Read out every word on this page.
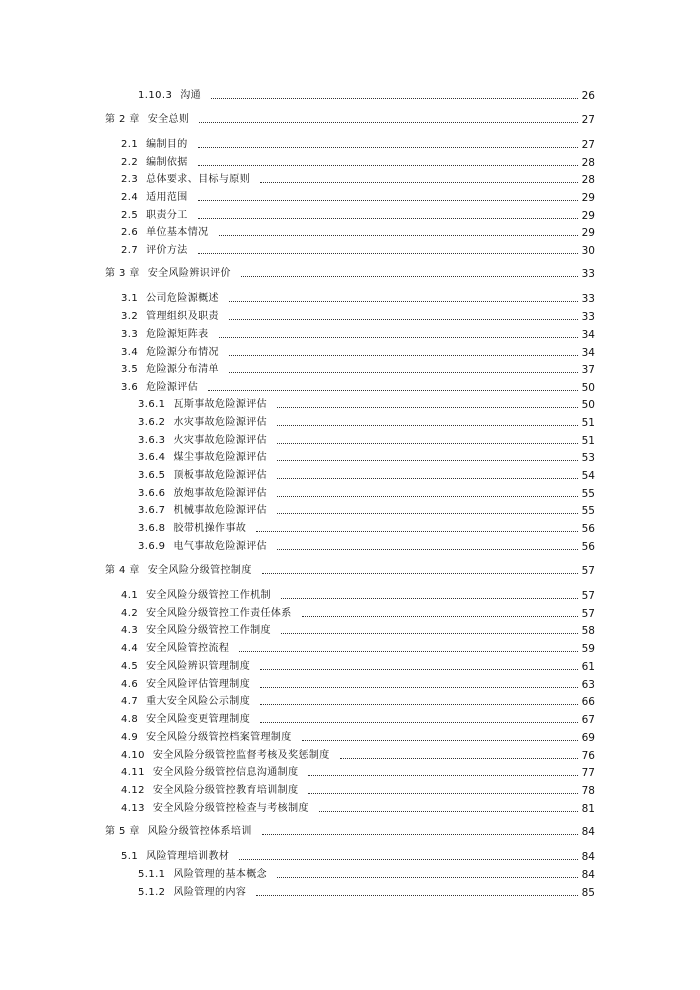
1.10.3 沟通	26
第 2 章 安全总则	27
2.1 编制目的	27
2.2 编制依据	28
2.3 总体要求、目标与原则	28
2.4 适用范围	29
2.5 职责分工	29
2.6 单位基本情况	29
2.7 评价方法	30
第 3 章 安全风险辨识评价	33
3.1 公司危险源概述	33
3.2 管理组织及职责	33
3.3 危险源矩阵表	34
3.4 危险源分布情况	34
3.5 危险源分布清单	37
3.6 危险源评估	50
3.6.1 瓦斯事故危险源评估	50
3.6.2 水灾事故危险源评估	51
3.6.3 火灾事故危险源评估	51
3.6.4 煤尘事故危险源评估	53
3.6.5 顶板事故危险源评估	54
3.6.6 放炮事故危险源评估	55
3.6.7 机械事故危险源评估	55
3.6.8 胶带机操作事故	56
3.6.9 电气事故危险源评估	56
第 4 章 安全风险分级管控制度	57
4.1 安全风险分级管控工作机制	57
4.2 安全风险分级管控工作责任体系	57
4.3 安全风险分级管控工作制度	58
4.4 安全风险管控流程	59
4.5 安全风险辨识管理制度	61
4.6 安全风险评估管理制度	63
4.7 重大安全风险公示制度	66
4.8 安全风险变更管理制度	67
4.9 安全风险分级管控档案管理制度	69
4.10 安全风险分级管控监督考核及奖惩制度	76
4.11 安全风险分级管控信息沟通制度	77
4.12 安全风险分级管控教育培训制度	78
4.13 安全风险分级管控检查与考核制度	81
第 5 章 风险分级管控体系培训	84
5.1 风险管理培训教材	84
5.1.1 风险管理的基本概念	84
5.1.2 风险管理的内容	85
